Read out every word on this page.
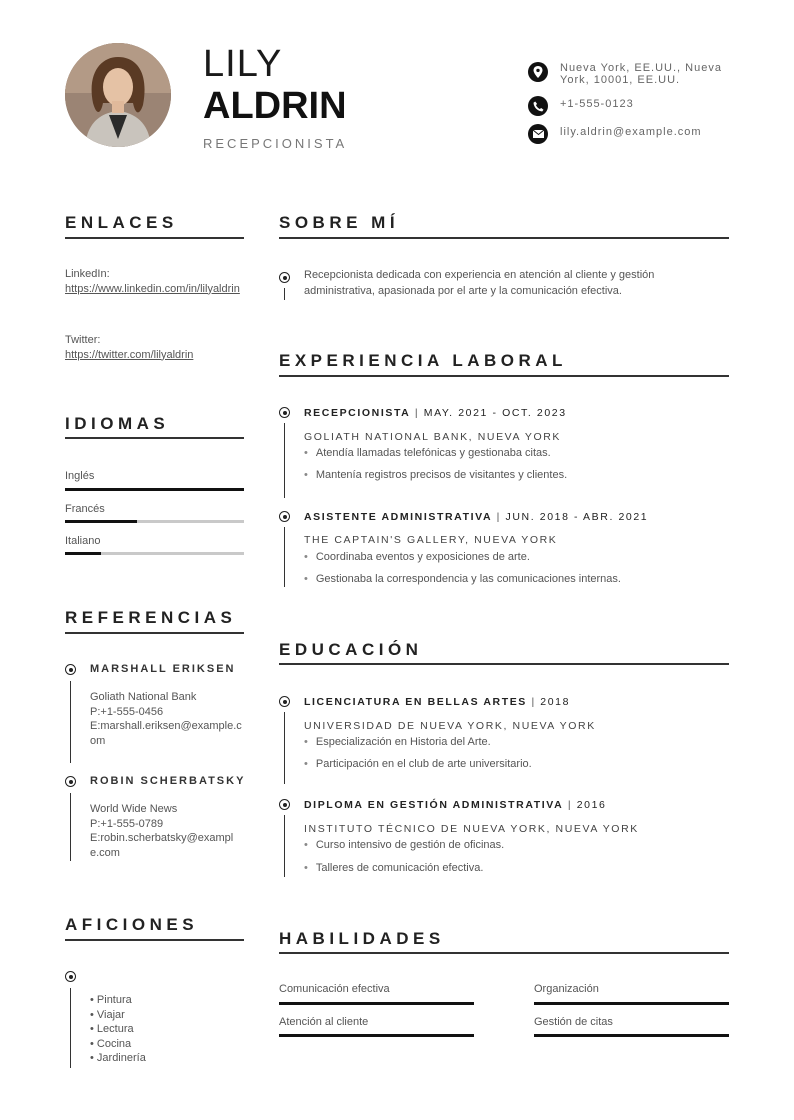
LILY
ALDRIN
RECEPCIONISTA
Nueva York, EE.UU., Nueva York, 10001, EE.UU.
+1-555-0123
lily.aldrin@example.com
ENLACES
LinkedIn:
https://www.linkedin.com/in/lilyaldrin
Twitter:
https://twitter.com/lilyaldrin
IDIOMAS
Inglés
Francés
Italiano
REFERENCIAS
MARSHALL ERIKSEN
Goliath National Bank
P:+1-555-0456
E:marshall.eriksen@example.com
ROBIN SCHERBATSKY
World Wide News
P:+1-555-0789
E:robin.scherbatsky@example.com
AFICIONES
• Pintura
• Viajar
• Lectura
• Cocina
• Jardinería
SOBRE MÍ
Recepcionista dedicada con experiencia en atención al cliente y gestión administrativa, apasionada por el arte y la comunicación efectiva.
EXPERIENCIA LABORAL
RECEPCIONISTA | MAY. 2021 - OCT. 2023
GOLIATH NATIONAL BANK, NUEVA YORK
• Atendía llamadas telefónicas y gestionaba citas.
• Mantenía registros precisos de visitantes y clientes.
ASISTENTE ADMINISTRATIVA | JUN. 2018 - ABR. 2021
THE CAPTAIN'S GALLERY, NUEVA YORK
• Coordinaba eventos y exposiciones de arte.
• Gestionaba la correspondencia y las comunicaciones internas.
EDUCACIÓN
LICENCIATURA EN BELLAS ARTES | 2018
UNIVERSIDAD DE NUEVA YORK, NUEVA YORK
• Especialización en Historia del Arte.
• Participación en el club de arte universitario.
DIPLOMA EN GESTIÓN ADMINISTRATIVA | 2016
INSTITUTO TÉCNICO DE NUEVA YORK, NUEVA YORK
• Curso intensivo de gestión de oficinas.
• Talleres de comunicación efectiva.
HABILIDADES
Comunicación efectiva	Organización
Atención al cliente	Gestión de citas
